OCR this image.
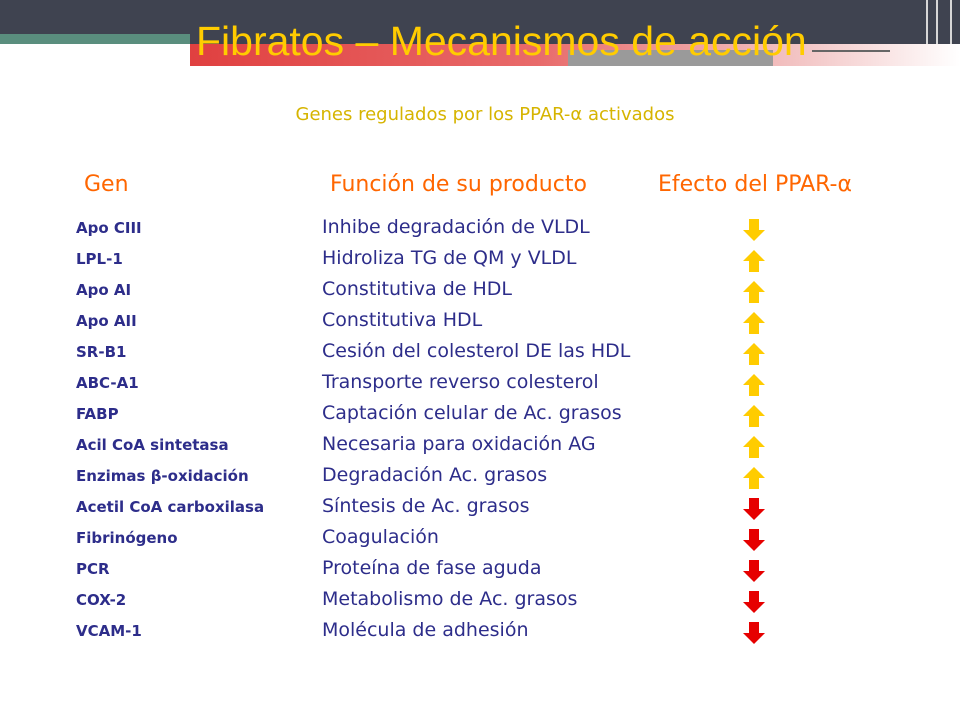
Fibratos – Mecanismos de acción
Genes regulados por los PPAR-α activados
Gen	Función de su producto	Efecto del PPAR-α
Apo CIII	Inhibe degradación de VLDL
LPL-1	Hidroliza TG de QM y VLDL
Apo AI	Constitutiva de HDL
Apo AII	Constitutiva HDL
SR-B1	Cesión del colesterol DE las HDL
ABC-A1	Transporte reverso colesterol
FABP	Captación celular de Ac. grasos
Acil CoA sintetasa	Necesaria para oxidación AG
Enzimas β-oxidación	Degradación Ac. grasos
Acetil CoA carboxilasa	Síntesis de Ac. grasos
Fibrinógeno	Coagulación
PCR	Proteína de fase aguda
COX-2	Metabolismo de Ac. grasos
VCAM-1	Molécula de adhesión
